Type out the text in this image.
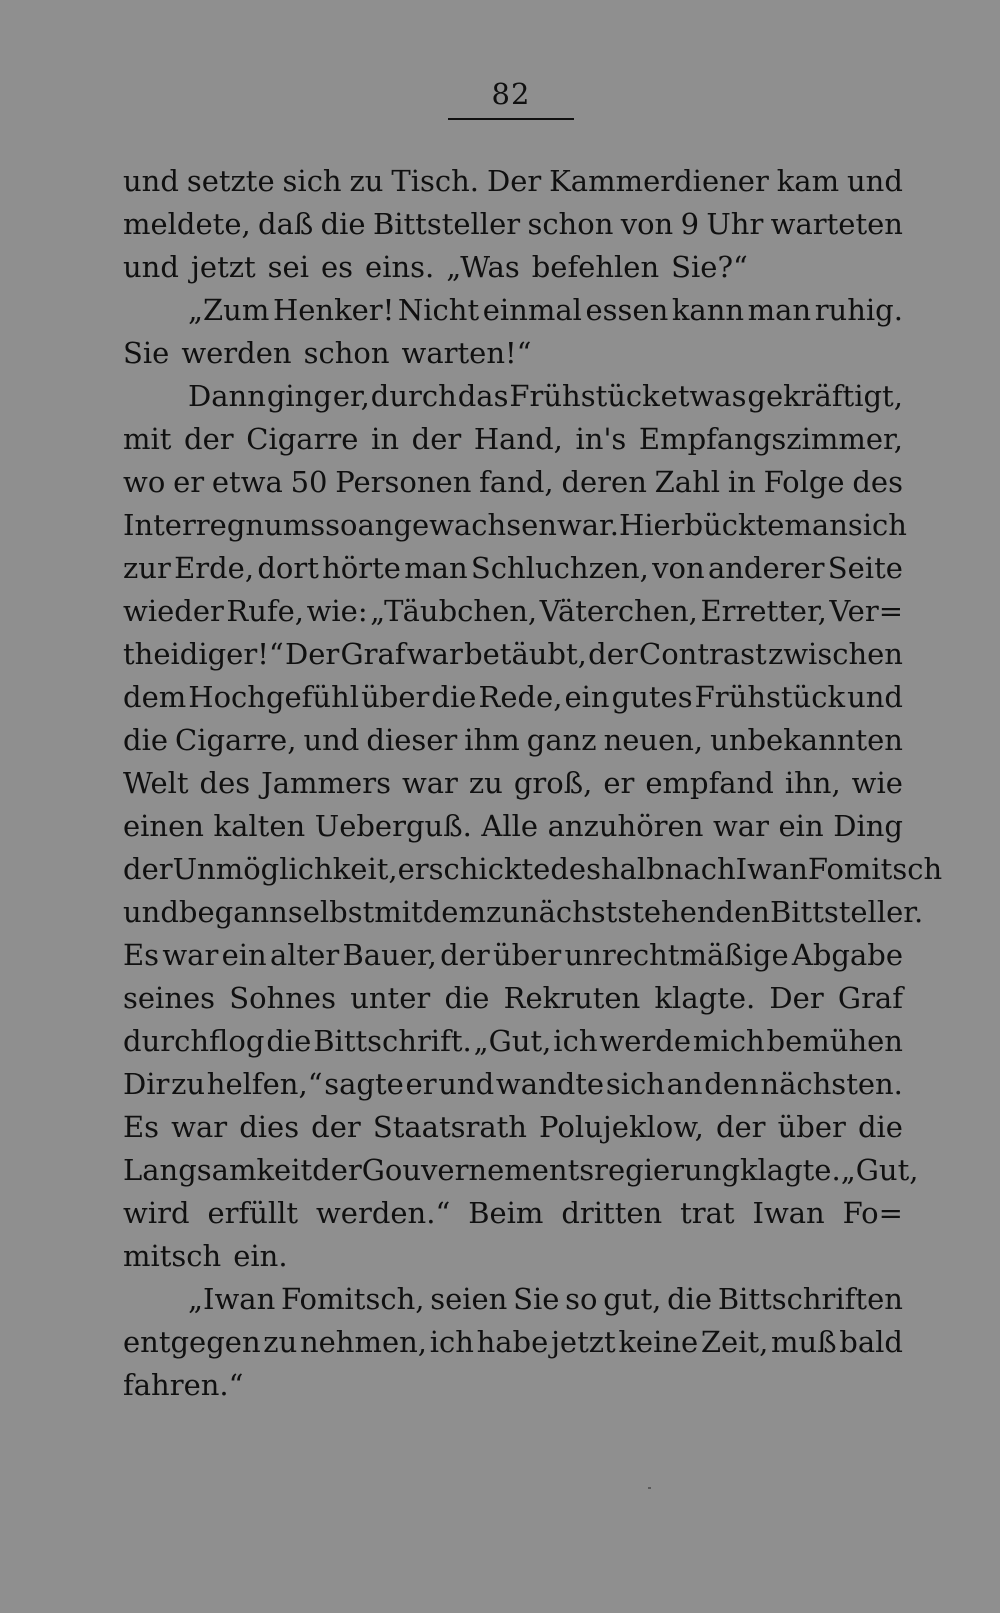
82
und setzte sich zu Tisch. Der Kammerdiener kam und
meldete, daß die Bittsteller schon von 9 Uhr warteten
und jetzt sei es eins. „Was befehlen Sie?“
„Zum Henker! Nicht einmal essen kann man ruhig.
Sie werden schon warten!“
Dann ging er, durch das Frühstück etwas gekräftigt,
mit der Cigarre in der Hand, in's Empfangszimmer,
wo er etwa 50 Personen fand, deren Zahl in Folge des
Interregnums so angewachsen war. Hier bückte man sich
zur Erde, dort hörte man Schluchzen, von anderer Seite
wieder Rufe, wie: „Täubchen, Väterchen, Erretter, Ver=
theidiger!“ Der Graf war betäubt, der Contrast zwischen
dem Hochgefühl über die Rede, ein gutes Frühstück und
die Cigarre, und dieser ihm ganz neuen, unbekannten
Welt des Jammers war zu groß, er empfand ihn, wie
einen kalten Ueberguß. Alle anzuhören war ein Ding
der Unmöglichkeit, er schickte deshalb nach Iwan Fomitsch
und begann selbst mit dem zunächst stehenden Bittsteller.
Es war ein alter Bauer, der über unrechtmäßige Abgabe
seines Sohnes unter die Rekruten klagte. Der Graf
durchflog die Bittschrift. „Gut, ich werde mich bemühen
Dir zu helfen,“ sagte er und wandte sich an den nächsten.
Es war dies der Staatsrath Polujeklow, der über die
Langsamkeit der Gouvernementsregierung klagte. „Gut,
wird erfüllt werden.“ Beim dritten trat Iwan Fo=
mitsch ein.
„Iwan Fomitsch, seien Sie so gut, die Bittschriften
entgegen zu nehmen, ich habe jetzt keine Zeit, muß bald
fahren.“
